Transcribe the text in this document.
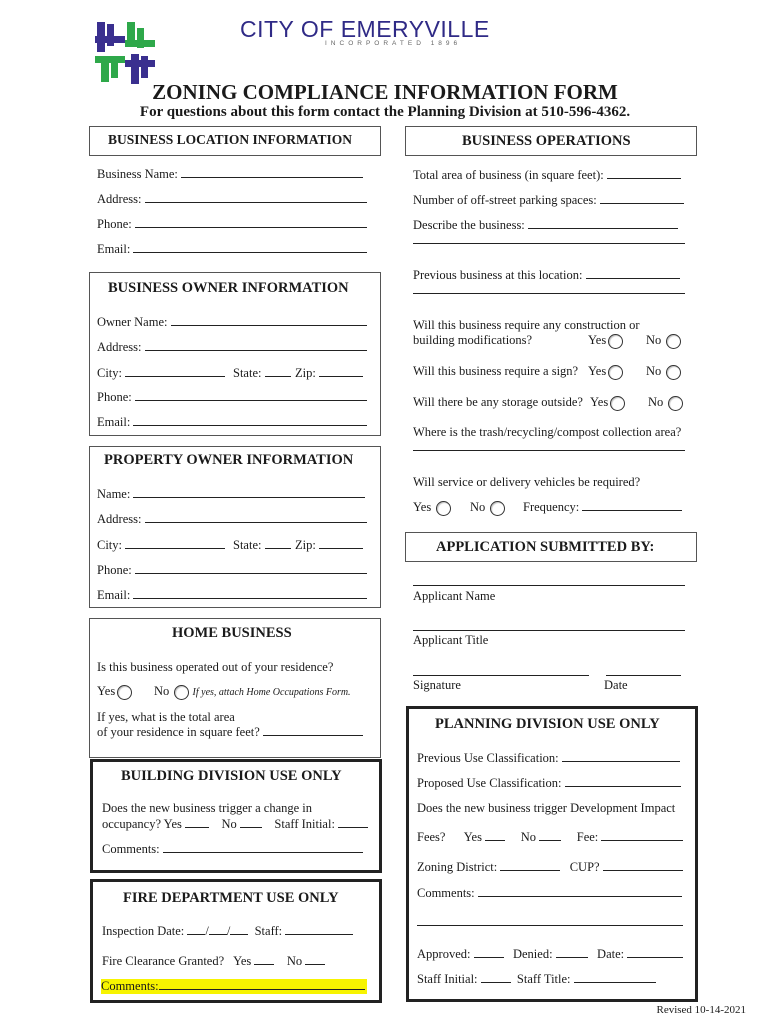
CITY OF EMERYVILLE
INCORPORATED 1896
ZONING COMPLIANCE INFORMATION FORM
For questions about this form contact the Planning Division at 510-596-4362.
BUSINESS LOCATION INFORMATION
Business Name:
Address:
Phone:
Email:
BUSINESS OWNER INFORMATION
Owner Name:
Address:
City:	State:	Zip:
Phone:
Email:
PROPERTY OWNER INFORMATION
Name:
Address:
City:	State:	Zip:
Phone:
Email:
HOME BUSINESS
Is this business operated out of your residence?
Yes	No If yes, attach Home Occupations Form.
If yes, what is the total area
of your residence in square feet?
BUILDING DIVISION USE ONLY
Does the new business trigger a change in
occupancy? Yes	No	Staff Initial:
Comments:
FIRE DEPARTMENT USE ONLY
Inspection Date: / / Staff:
Fire Clearance Granted? Yes	No
Comments:
BUSINESS OPERATIONS
Total area of business (in square feet):
Number of off-street parking spaces:
Describe the business:
Previous business at this location:
Will this business require any construction or
building modifications?	Yes	No
Will this business require a sign? Yes	No
Will there be any storage outside? Yes	No
Where is the trash/recycling/compost collection area?
Will service or delivery vehicles be required?
Yes	No	Frequency:
APPLICATION SUBMITTED BY:
Applicant Name
Applicant Title
Signature	Date
PLANNING DIVISION USE ONLY
Previous Use Classification:
Proposed Use Classification:
Does the new business trigger Development Impact
Fees? Yes	No	Fee:
Zoning District:	CUP?
Comments:
Approved:	Denied:	Date:
Staff Initial:	Staff Title:
Revised 10-14-2021
